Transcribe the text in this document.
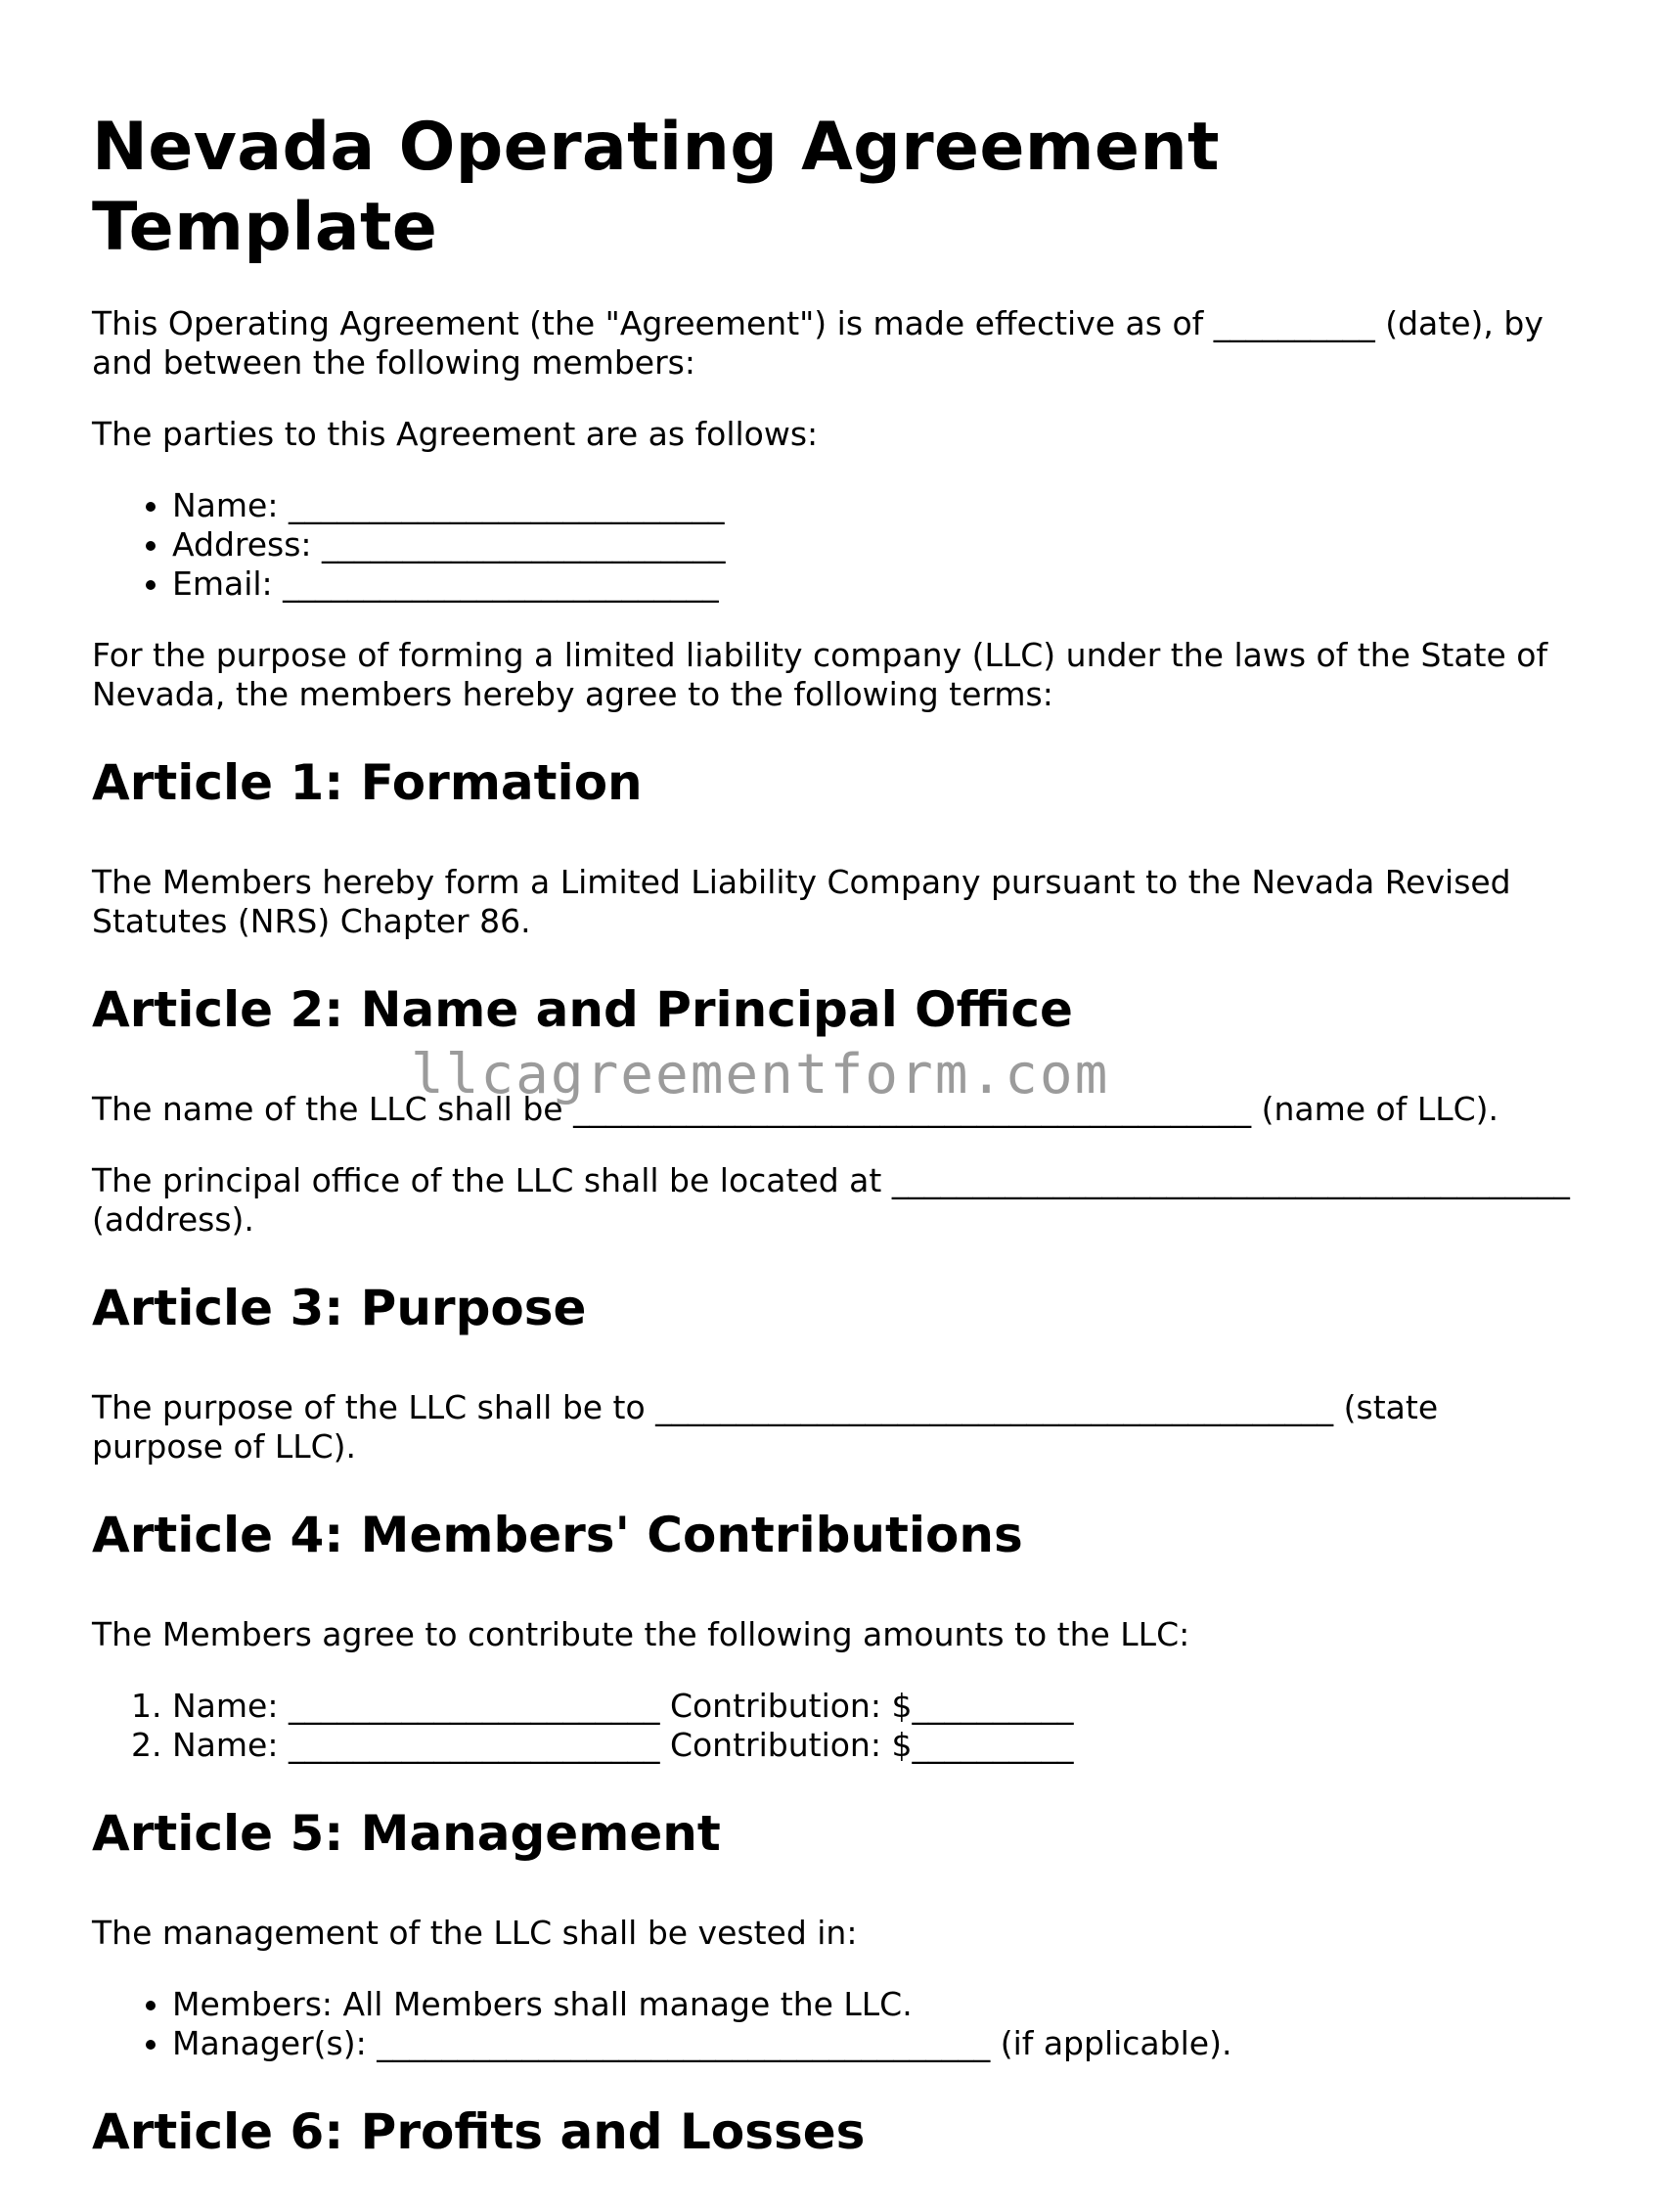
Nevada Operating Agreement Template

This Operating Agreement (the "Agreement") is made effective as of __________ (date), by and between the following members:

The parties to this Agreement are as follows:

• Name: ___________________________
• Address: _________________________
• Email: ___________________________

For the purpose of forming a limited liability company (LLC) under the laws of the State of Nevada, the members hereby agree to the following terms:

Article 1: Formation

The Members hereby form a Limited Liability Company pursuant to the Nevada Revised Statutes (NRS) Chapter 86.

Article 2: Name and Principal Office

The name of the LLC shall be __________________________________________ (name of LLC).

The principal office of the LLC shall be located at __________________________________________ (address).

Article 3: Purpose

The purpose of the LLC shall be to __________________________________________ (state purpose of LLC).

Article 4: Members' Contributions

The Members agree to contribute the following amounts to the LLC:

1. Name: _______________________ Contribution: $__________
2. Name: _______________________ Contribution: $__________
Article 5: Management

The management of the LLC shall be vested in:

• Members: All Members shall manage the LLC.
• Manager(s): ______________________________________ (if applicable).
Article 6: Profits and Losses
llcagreementform.com
